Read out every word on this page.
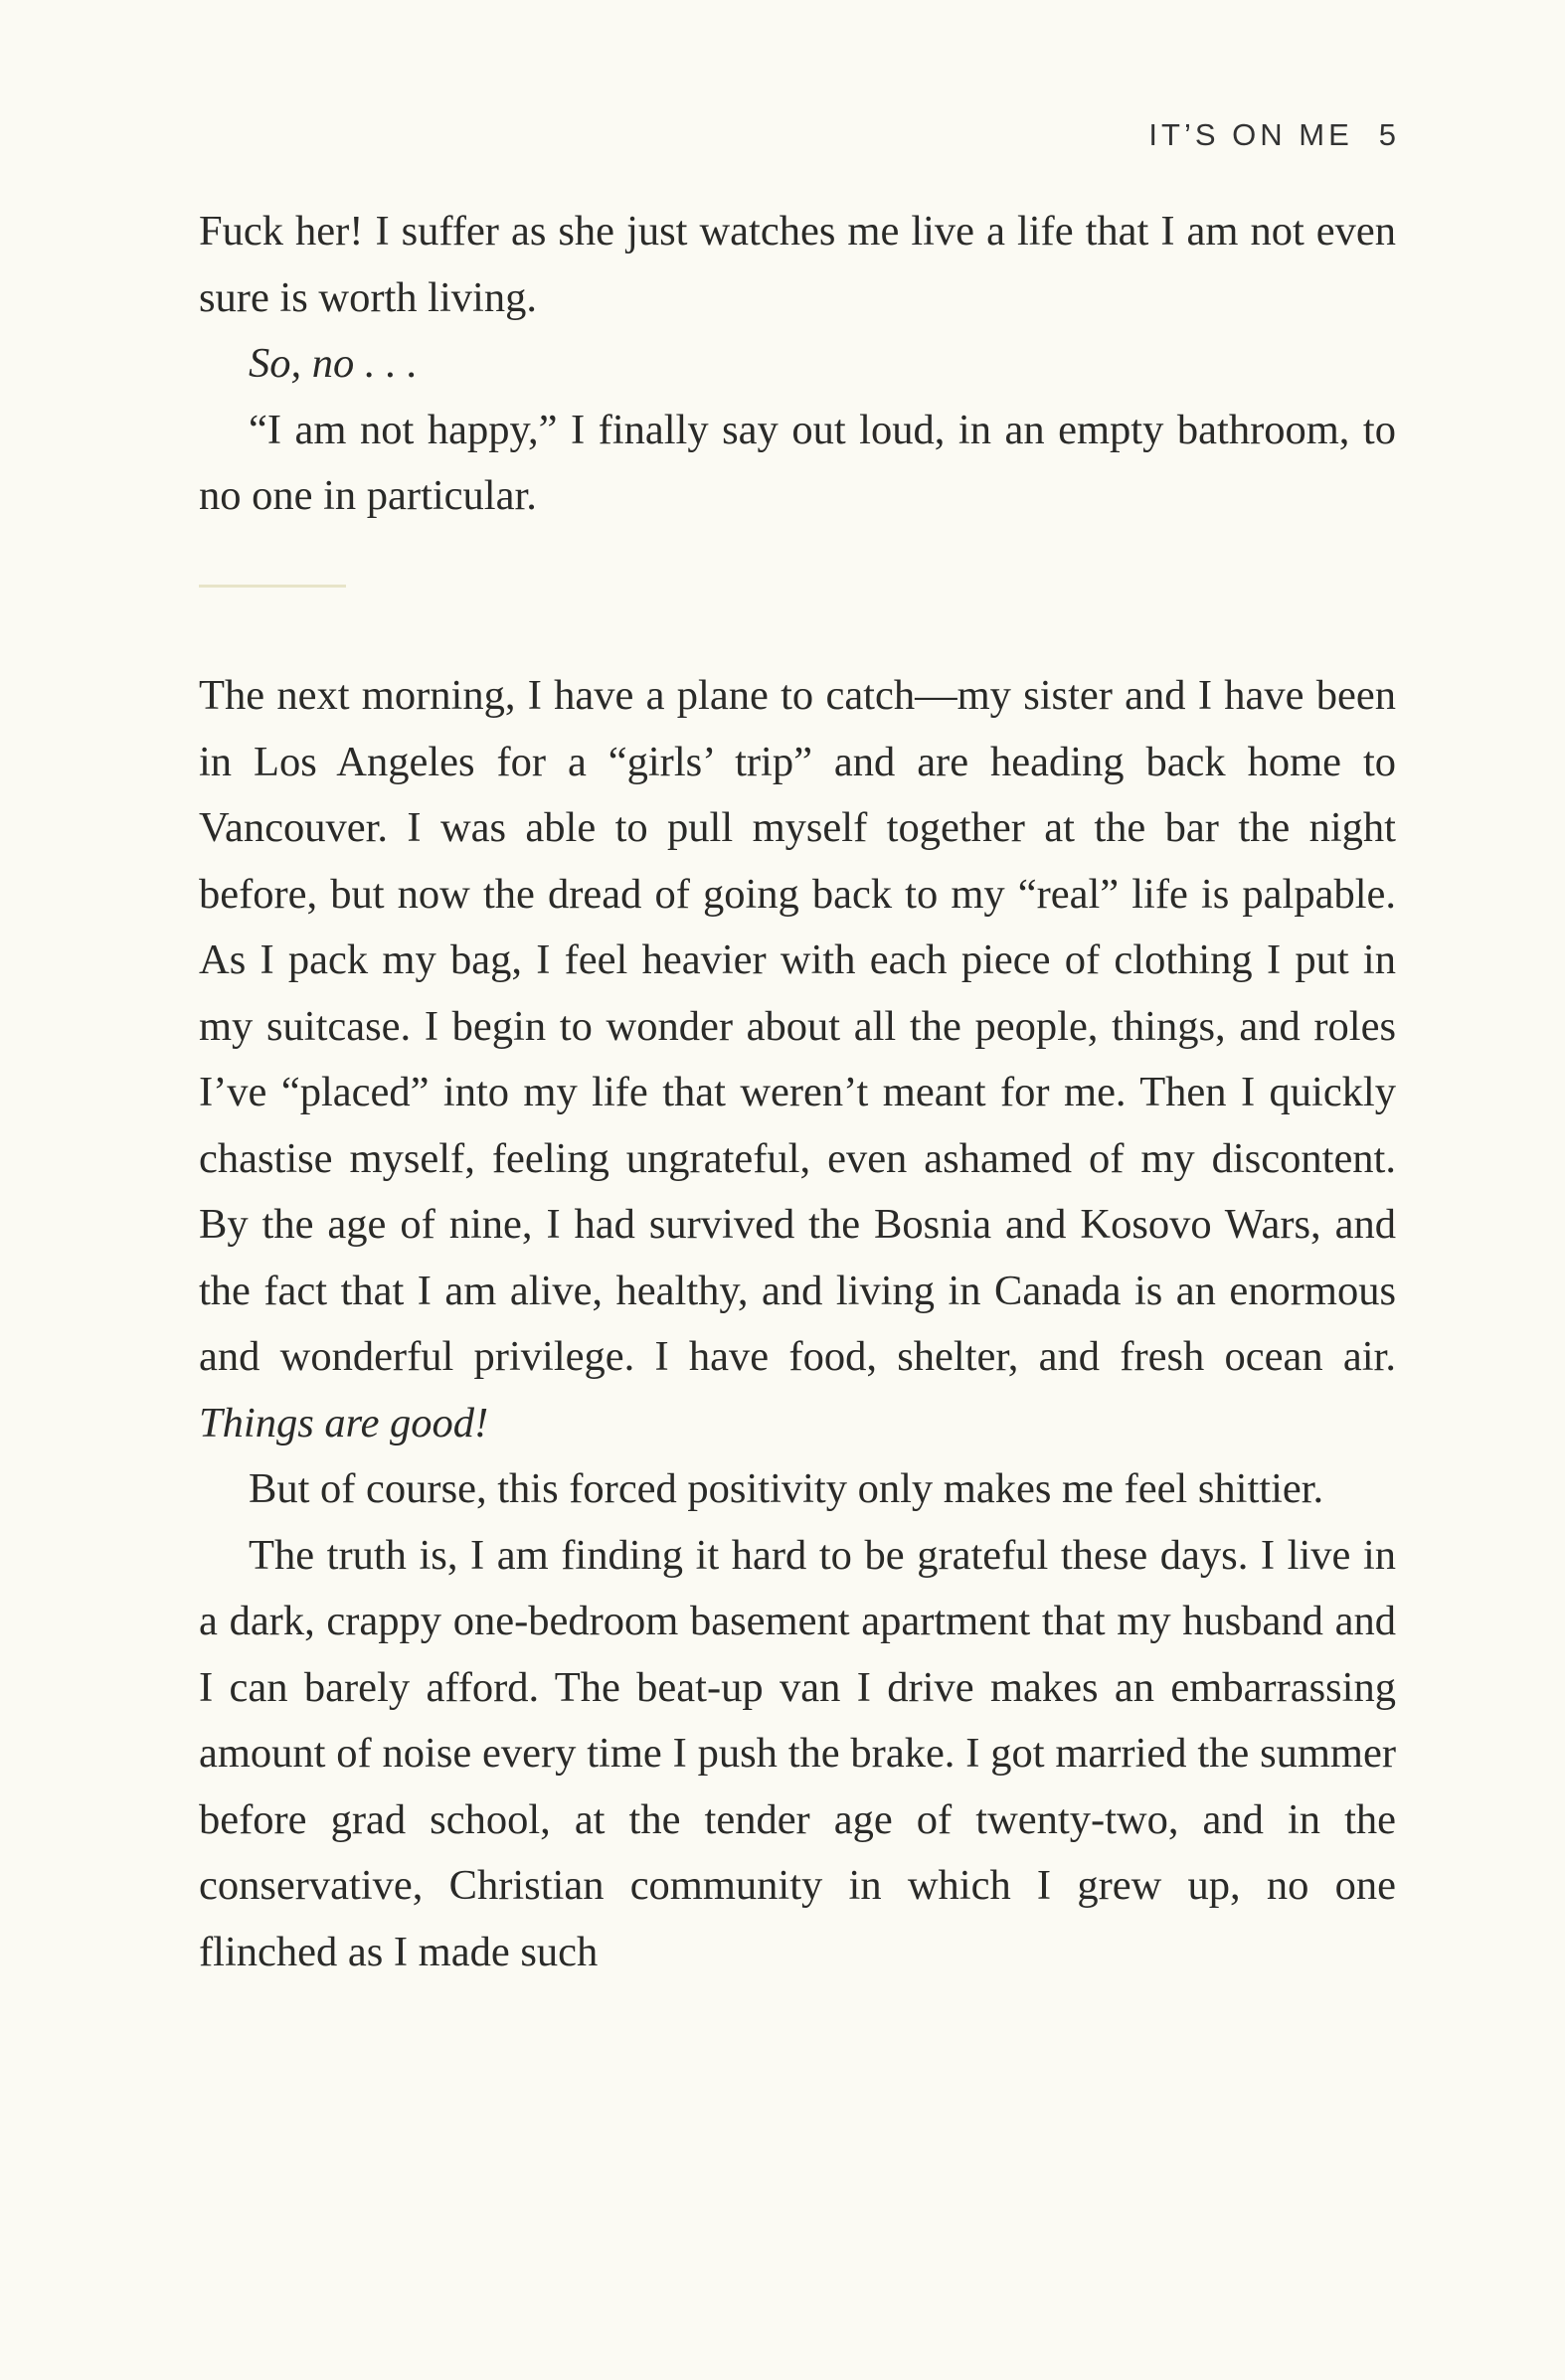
IT’S ON ME 5

Fuck her! I suffer as she just watches me live a life that I am not even sure is worth living.

So, no . . .

“I am not happy,” I finally say out loud, in an empty bathroom, to no one in particular.

The next morning, I have a plane to catch—my sister and I have been in Los Angeles for a “girls’ trip” and are heading back home to Vancouver. I was able to pull myself together at the bar the night before, but now the dread of going back to my “real” life is palpable. As I pack my bag, I feel heavier with each piece of clothing I put in my suitcase. I begin to wonder about all the people, things, and roles I’ve “placed” into my life that weren’t meant for me. Then I quickly chastise myself, feeling ungrateful, even ashamed of my discontent. By the age of nine, I had survived the Bosnia and Kosovo Wars, and the fact that I am alive, healthy, and living in Canada is an enormous and wonderful privilege. I have food, shelter, and fresh ocean air. Things are good!

But of course, this forced positivity only makes me feel shittier.

The truth is, I am finding it hard to be grateful these days. I live in a dark, crappy one-bedroom basement apartment that my husband and I can barely afford. The beat-up van I drive makes an embarrassing amount of noise every time I push the brake. I got married the summer before grad school, at the tender age of twenty-two, and in the conservative, Christian community in which I grew up, no one flinched as I made such
